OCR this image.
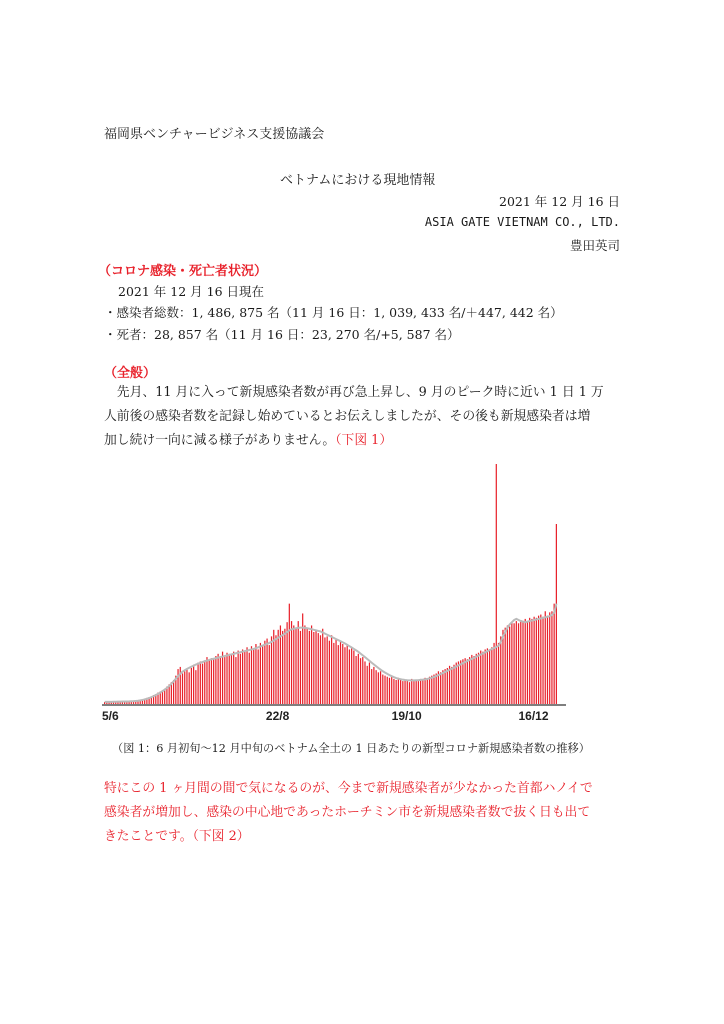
福岡県ベンチャービジネス支援協議会
ベトナムにおける現地情報
2021 年 12 月 16 日
ASIA GATE VIETNAM CO., LTD.
豊田英司
（コロナ感染・死亡者状況）
2021 年 12 月 16 日現在
・感染者総数：1, 486, 875 名（11 月 16 日：1, 039, 433 名/＋447, 442 名）
・死者：28, 857 名（11 月 16 日：23, 270 名/+5, 587 名）
（全般）
　先月、11 月に入って新規感染者数が再び急上昇し、9 月のピーク時に近い 1 日 1 万
人前後の感染者数を記録し始めているとお伝えしましたが、その後も新規感染者は増
加し続け一向に減る様子がありません。（下図 1）
5/6	22/8	19/10	16/12
（図 1：6 月初旬〜12 月中旬のベトナム全土の 1 日あたりの新型コロナ新規感染者数の推移）
特にこの 1 ヶ月間の間で気になるのが、今まで新規感染者が少なかった首都ハノイで
感染者が増加し、感染の中心地であったホーチミン市を新規感染者数で抜く日も出て
きたことです。（下図 2）
